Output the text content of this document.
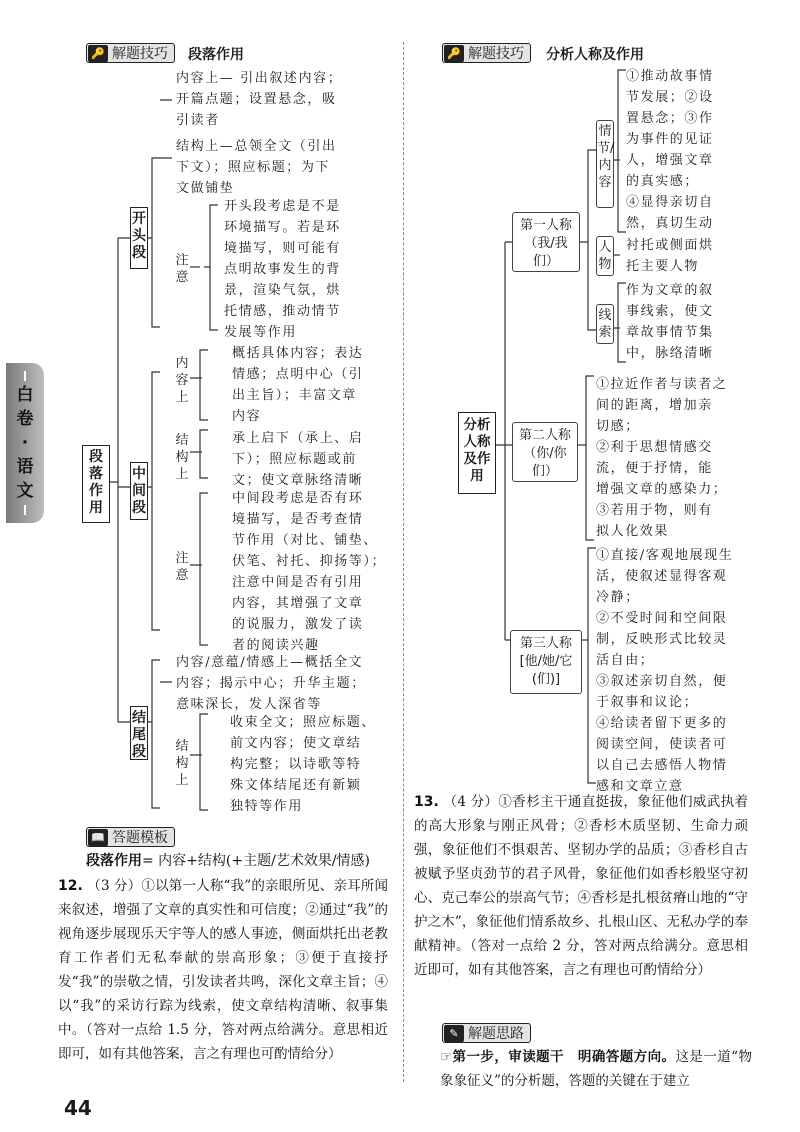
白
卷
·
语
文
🔑 解题技巧 段落作用
段落作用
开头段
中间段
结尾段
内容上— 引出叙述内容；
开篇点题；设置悬念，吸
引读者
结构上—总领全文（引出
下文）；照应标题；为下
文做铺垫
注意
开头段考虑是不是
环境描写。若是环
境描写，则可能有
点明故事发生的背
景，渲染气氛，烘
托情感，推动情节
发展等作用
内容上
概括具体内容；表达
情感；点明中心（引
出主旨）；丰富文章
内容
结构上
承上启下（承上、启
下）；照应标题或前
文；使文章脉络清晰
注意
中间段考虑是否有环
境描写，是否考查情
节作用（对比、铺垫、
伏笔、衬托、抑扬等）；
注意中间是否有引用
内容，其增强了文章
的说服力，激发了读
者的阅读兴趣
内容/意蕴/情感上—概括全文
内容；揭示中心；升华主题；
意味深长，发人深省等
结构上
收束全文；照应标题、
前文内容；使文章结
构完整；以诗歌等特
殊文体结尾还有新颖
独特等作用
📖 答题模板
段落作用= 内容+结构(+主题/艺术效果/情感)
12. （3 分）①以第一人称“我”的亲眼所见、亲耳所闻来叙述，增强了文章的真实性和可信度；②通过“我”的视角逐步展现乐天宇等人的感人事迹，侧面烘托出老教育工作者们无私奉献的崇高形象；③便于直接抒发“我”的崇敬之情，引发读者共鸣，深化文章主旨；④以“我”的采访行踪为线索，使文章结构清晰、叙事集中。（答对一点给 1.5 分，答对两点给满分。意思相近即可，如有其他答案，言之有理也可酌情给分）
🔑 解题技巧 分析人称及作用
分析人称及作用
第一人称（我/我们）
第二人称（你/你们）
第三人称[他/她/它(们)]
情节/内容
①推动故事情
节发展；②设
置悬念；③作
为事件的见证
人，增强文章
的真实感；
④显得亲切自
然，真切生动
人物
衬托或侧面烘
托主要人物
线索
作为文章的叙
事线索，使文
章故事情节集
中，脉络清晰
①拉近作者与读者之
间的距离，增加亲
切感；
②利于思想情感交
流，便于抒情，能
增强文章的感染力；
③若用于物，则有
拟人化效果
①直接/客观地展现生
活，使叙述显得客观
冷静；
②不受时间和空间限
制，反映形式比较灵
活自由；
③叙述亲切自然，便
于叙事和议论；
④给读者留下更多的
阅读空间，使读者可
以自己去感悟人物情
感和文章立意
13. （4 分）①香杉主干通直挺拔，象征他们威武执着的高大形象与刚正风骨；②香杉木质坚韧、生命力顽强，象征他们不惧艰苦、坚韧办学的品质；③香杉自古被赋予坚贞劲节的君子风骨，象征他们如香杉般坚守初心、克己奉公的崇高气节；④香杉是扎根贫瘠山地的“守护之木”，象征他们情系故乡、扎根山区、无私办学的奉献精神。（答对一点给 2 分，答对两点给满分。意思相近即可，如有其他答案，言之有理也可酌情给分）
✎ 解题思路
☞第一步，审读题干　明确答题方向。这是一道“物象象征义”的分析题，答题的关键在于建立
44
